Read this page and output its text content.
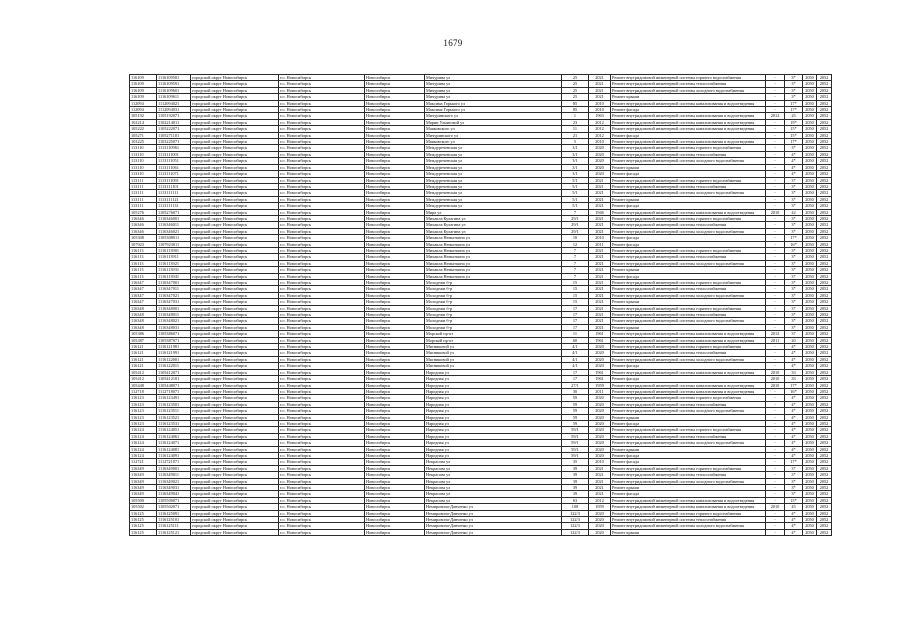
1679
116109	1116109581	городской округ Новосибирск	г.о. Новосибирск	Новосибирск	Мичурина ул	25	2021	Ремонт внутридомовой инженерной системы горячего водоснабжения	-	3*	2050	2052
116109	1116109591	городской округ Новосибирск	г.о. Новосибирск	Новосибирск	Мичурина ул	25	2021	Ремонт внутридомовой инженерной системы теплоснабжения	-	3*	2050	2052
116109	1116109601	городской округ Новосибирск	г.о. Новосибирск	Новосибирск	Мичурина ул	25	2021	Ремонт внутридомовой инженерной системы холодного водоснабжения	-	3*	2050	2052
116109	1116109611	городской округ Новосибирск	г.о. Новосибирск	Новосибирск	Мичурина ул	25	2021	Ремонт крыши	-	3*	2050	2052
112094	1112094021	городской округ Новосибирск	г.о. Новосибирск	Новосибирск	Максима Горького ул	85	2010	Ремонт внутридомовой инженерной системы канализования и водоотведения	-	17*	2050	2052
112094	1112094031	городской округ Новосибирск	г.о. Новосибирск	Новосибирск	Максима Горького ул	85	2010	Ремонт фасада	-	17*	2050	2052
105192	1105192071	городской округ Новосибирск	г.о. Новосибирск	Новосибирск	Мичуринского ул	1	1963	Ремонт внутридомовой инженерной системы канализования и водоотведения	2012	25	2050	2052
102214	1102214011	городской округ Новосибирск	г.о. Новосибирск	Новосибирск	Марии Ульяновой ул	23	2012	Ремонт внутридомовой инженерной системы канализования и водоотведения	-	19*	2050	2052
105222	1105222071	городской округ Новосибирск	г.о. Новосибирск	Новосибирск	Маяковского ул	11	2012	Ремонт внутридомовой инженерной системы канализования и водоотведения	-	15*	2050	2052
105271	1105271101	городской округ Новосибирск	г.о. Новосибирск	Новосибирск	Мичуринского ул	21	2012	Ремонт фасада	-	15*	2050	2052
103225	1103225071	городской округ Новосибирск	г.о. Новосибирск	Новосибирск	Маяковского ул	5	2010	Ремонт внутридомовой инженерной системы канализования и водоотведения	-	17*	2050	2052
113110	1113110961	городской округ Новосибирск	г.о. Новосибирск	Новосибирск	Междуреченская ул	3/1	2020	Ремонт внутридомовой инженерной системы горячего водоснабжения	-	3*	2050	2052
113110	1113111001	городской округ Новосибирск	г.о. Новосибирск	Новосибирск	Междуреченская ул	3/1	2020	Ремонт внутридомовой инженерной системы теплоснабжения	-	4*	2050	2052
113110	1113111051	городской округ Новосибирск	г.о. Новосибирск	Новосибирск	Междуреченская ул	3/1	2020	Ремонт внутридомовой инженерной системы холодного водоснабжения	-	4*	2050	2052
113110	1113111061	городской округ Новосибирск	г.о. Новосибирск	Новосибирск	Междуреченская ул	3/1	2020	Ремонт крыши	-	4*	2050	2052
113110	1113111071	городской округ Новосибирск	г.о. Новосибирск	Новосибирск	Междуреченская ул	3/1	2020	Ремонт фасада	-	4*	2050	2052
113111	1113111091	городской округ Новосибирск	г.о. Новосибирск	Новосибирск	Междуреченская ул	5/1	2021	Ремонт внутридомовой инженерной системы горячего водоснабжения	-	3*	2050	2052
113111	1113111101	городской округ Новосибирск	г.о. Новосибирск	Новосибирск	Междуреченская ул	5/1	2021	Ремонт внутридомовой инженерной системы теплоснабжения	-	3*	2050	2052
113111	1113111111	городской округ Новосибирск	г.о. Новосибирск	Новосибирск	Междуреченская ул	5/1	2021	Ремонт внутридомовой инженерной системы холодного водоснабжения	-	3*	2050	2052
113111	1113111121	городской округ Новосибирск	г.о. Новосибирск	Новосибирск	Междуреченская ул	5/1	2021	Ремонт крыши	-	3*	2050	2052
113111	1113111131	городской округ Новосибирск	г.о. Новосибирск	Новосибирск	Междуреченская ул	5/1	2021	Ремонт фасада	-	3*	2050	2052
105276	1105276071	городской округ Новосибирск	г.о. Новосибирск	Новосибирск	Мира ул	7	1946	Ремонт внутридомовой инженерной системы канализования и водоотведения	2010	42	2050	2052
116346	1116346001	городской округ Новосибирск	г.о. Новосибирск	Новосибирск	Михаила Кулагина ул	29/1	2021	Ремонт внутридомовой инженерной системы горячего водоснабжения	-	3*	2050	2052
116346	1116346011	городской округ Новосибирск	г.о. Новосибирск	Новосибирск	Михаила Кулагина ул	29/1	2021	Ремонт внутридомовой инженерной системы теплоснабжения	-	3*	2050	2052
116346	1116346021	городской округ Новосибирск	г.о. Новосибирск	Новосибирск	Михаила Кулагина ул	29/1	2021	Ремонт внутридомовой инженерной системы холодного водоснабжения	-	3*	2050	2052
105308	1105308011	городской округ Новосибирск	г.о. Новосибирск	Новосибирск	Михаила Немыткина ул	10	2010	Ремонт фасада	-	17*	2050	2052
107923	1107923011	городской округ Новосибирск	г.о. Новосибирск	Новосибирск	Михаила Немыткина ул	12	2011	Ремонт фасада	-	16*	2050	2052
116113	1116113901	городской округ Новосибирск	г.о. Новосибирск	Новосибирск	Михаила Немыткина ул	7	2021	Ремонт внутридомовой инженерной системы горячего водоснабжения	-	3*	2050	2052
116113	1116113911	городской округ Новосибирск	г.о. Новосибирск	Новосибирск	Михаила Немыткина ул	7	2021	Ремонт внутридомовой инженерной системы теплоснабжения	-	3*	2050	2052
116113	1116113921	городской округ Новосибирск	г.о. Новосибирск	Новосибирск	Михаила Немыткина ул	7	2021	Ремонт внутридомовой инженерной системы холодного водоснабжения	-	3*	2050	2052
116113	1116113931	городской округ Новосибирск	г.о. Новосибирск	Новосибирск	Михаила Немыткина ул	7	2021	Ремонт крыши	-	3*	2050	2052
116113	1116113941	городской округ Новосибирск	г.о. Новосибирск	Новосибирск	Михаила Немыткина ул	7	2021	Ремонт фасада	-	3*	2050	2052
116347	1116347001	городской округ Новосибирск	г.о. Новосибирск	Новосибирск	Молодежи б-р	15	2021	Ремонт внутридомовой инженерной системы горячего водоснабжения	-	3*	2050	2052
116347	1116347011	городской округ Новосибирск	г.о. Новосибирск	Новосибирск	Молодежи б-р	15	2021	Ремонт внутридомовой инженерной системы теплоснабжения	-	3*	2050	2052
116347	1116347021	городской округ Новосибирск	г.о. Новосибирск	Новосибирск	Молодежи б-р	15	2021	Ремонт внутридомовой инженерной системы холодного водоснабжения	-	3*	2050	2052
116347	1116347031	городской округ Новосибирск	г.о. Новосибирск	Новосибирск	Молодежи б-р	15	2021	Ремонт крыши	-	3*	2050	2052
116348	1116348001	городской округ Новосибирск	г.о. Новосибирск	Новосибирск	Молодежи б-р	17	2021	Ремонт внутридомовой инженерной системы горячего водоснабжения	-	3*	2050	2052
116348	1116348011	городской округ Новосибирск	г.о. Новосибирск	Новосибирск	Молодежи б-р	17	2021	Ремонт внутридомовой инженерной системы теплоснабжения	-	3*	2050	2052
116348	1116348021	городской округ Новосибирск	г.о. Новосибирск	Новосибирск	Молодежи б-р	17	2021	Ремонт внутридомовой инженерной системы холодного водоснабжения	-	3*	2050	2052
116348	1116348031	городской округ Новосибирск	г.о. Новосибирск	Новосибирск	Молодежи б-р	17	2021	Ремонт крыши	-	3*	2050	2052
105386	1105386071	городской округ Новосибирск	г.о. Новосибирск	Новосибирск	Морской пр-кт	11	1961	Ремонт внутридомовой инженерной системы канализования и водоотведения	2012	37	2050	2052
105387	1105387071	городской округ Новосибирск	г.о. Новосибирск	Новосибирск	Морской пр-кт	60	1961	Ремонт внутридомовой инженерной системы канализования и водоотведения	2011	20	2050	2052
116121	1116121981	городской округ Новосибирск	г.о. Новосибирск	Новосибирск	Мясниковой ул	4/1	2020	Ремонт внутридомовой инженерной системы горячего водоснабжения	-	4*	2050	2052
116121	1116121991	городской округ Новосибирск	г.о. Новосибирск	Новосибирск	Мясниковой ул	4/1	2020	Ремонт внутридомовой инженерной системы теплоснабжения	-	4*	2050	2052
116121	1116122001	городской округ Новосибирск	г.о. Новосибирск	Новосибирск	Мясниковой ул	4/1	2020	Ремонт внутридомовой инженерной системы холодного водоснабжения	-	4*	2050	2052
116121	1116122011	городской округ Новосибирск	г.о. Новосибирск	Новосибирск	Мясниковой ул	4/1	2020	Ремонт фасада	-	4*	2050	2052
105412	1105412071	городской округ Новосибирск	г.о. Новосибирск	Новосибирск	Народная ул	17	1961	Ремонт внутридомовой инженерной системы канализования и водоотведения	2010	33	2050	2052
105412	1105412101	городской округ Новосибирск	г.о. Новосибирск	Новосибирск	Народная ул	17	1961	Ремонт фасада	2010	33	2050	2052
105448	1105448071	городской округ Новосибирск	г.о. Новосибирск	Новосибирск	Народная ул	27/1	1959	Ремонт внутридомовой инженерной системы канализования и водоотведения	2010	17*	2050	2052
112718	1112718071	городской округ Новосибирск	г.о. Новосибирск	Новосибирск	Народная ул	30	2011	Ремонт внутридомовой инженерной системы канализования и водоотведения	-	16*	2050	2052
116123	1116123491	городской округ Новосибирск	г.о. Новосибирск	Новосибирск	Народная ул	59	2020	Ремонт внутридомовой инженерной системы горячего водоснабжения	-	4*	2050	2052
116123	1116123501	городской округ Новосибирск	г.о. Новосибирск	Новосибирск	Народная ул	59	2020	Ремонт внутридомовой инженерной системы теплоснабжения	-	4*	2050	2052
116123	1116123511	городской округ Новосибирск	г.о. Новосибирск	Новосибирск	Народная ул	59	2020	Ремонт внутридомовой инженерной системы холодного водоснабжения	-	4*	2050	2052
116123	1116123521	городской округ Новосибирск	г.о. Новосибирск	Новосибирск	Народная ул	59	2020	Ремонт крыши	-	4*	2050	2052
116123	1116123531	городской округ Новосибирск	г.о. Новосибирск	Новосибирск	Народная ул	59	2020	Ремонт фасада	-	4*	2050	2052
116124	1116124051	городской округ Новосибирск	г.о. Новосибирск	Новосибирск	Народная ул	59/1	2020	Ремонт внутридомовой инженерной системы горячего водоснабжения	-	4*	2050	2052
116124	1116124061	городской округ Новосибирск	г.о. Новосибирск	Новосибирск	Народная ул	59/1	2020	Ремонт внутридомовой инженерной системы теплоснабжения	-	4*	2050	2052
116124	1116124071	городской округ Новосибирск	г.о. Новосибирск	Новосибирск	Народная ул	59/1	2020	Ремонт внутридомовой инженерной системы холодного водоснабжения	-	4*	2050	2052
116124	1116124081	городской округ Новосибирск	г.о. Новосибирск	Новосибирск	Народная ул	59/1	2020	Ремонт крыши	-	4*	2050	2052
116124	1116124091	городской округ Новосибирск	г.о. Новосибирск	Новосибирск	Народная ул	59/1	2020	Ремонт фасада	-	4*	2050	2052
112721	1112721071	городской округ Новосибирск	г.о. Новосибирск	Новосибирск	Некрасова ул	35	2010	Ремонт фасада	-	17*	2050	2052
116349	1116349001	городской округ Новосибирск	г.о. Новосибирск	Новосибирск	Некрасова ул	39	2021	Ремонт внутридомовой инженерной системы горячего водоснабжения	-	3*	2050	2052
116349	1116349011	городской округ Новосибирск	г.о. Новосибирск	Новосибирск	Некрасова ул	39	2021	Ремонт внутридомовой инженерной системы теплоснабжения	-	3*	2050	2052
116349	1116349021	городской округ Новосибирск	г.о. Новосибирск	Новосибирск	Некрасова ул	39	2021	Ремонт внутридомовой инженерной системы холодного водоснабжения	-	3*	2050	2052
116349	1116349031	городской округ Новосибирск	г.о. Новосибирск	Новосибирск	Некрасова ул	39	2021	Ремонт крыши	-	3*	2050	2052
116349	1116349041	городской округ Новосибирск	г.о. Новосибирск	Новосибирск	Некрасова ул	39	2021	Ремонт фасада	-	3*	2050	2052
105500	1105500071	городской округ Новосибирск	г.о. Новосибирск	Новосибирск	Некрасова ул	63	2012	Ремонт внутридомовой инженерной системы канализования и водоотведения	-	15*	2050	2052
105502	1105502071	городской округ Новосибирск	г.о. Новосибирск	Новосибирск	Немировича-Данченко ул	108	1959	Ремонт внутридомовой инженерной системы канализования и водоотведения	2010	45	2050	2052
116125	1116125091	городской округ Новосибирск	г.о. Новосибирск	Новосибирск	Немировича-Данченко ул	122/3	2020	Ремонт внутридомовой инженерной системы горячего водоснабжения	-	4*	2050	2052
116125	1116125101	городской округ Новосибирск	г.о. Новосибирск	Новосибирск	Немировича-Данченко ул	122/3	2020	Ремонт внутридомовой инженерной системы теплоснабжения	-	4*	2050	2052
116125	1116125111	городской округ Новосибирск	г.о. Новосибирск	Новосибирск	Немировича-Данченко ул	122/3	2020	Ремонт внутридомовой инженерной системы холодного водоснабжения	-	4*	2050	2052
116125	1116125121	городской округ Новосибирск	г.о. Новосибирск	Новосибирск	Немировича-Данченко ул	122/3	2020	Ремонт крыши	-	4*	2050	2052
